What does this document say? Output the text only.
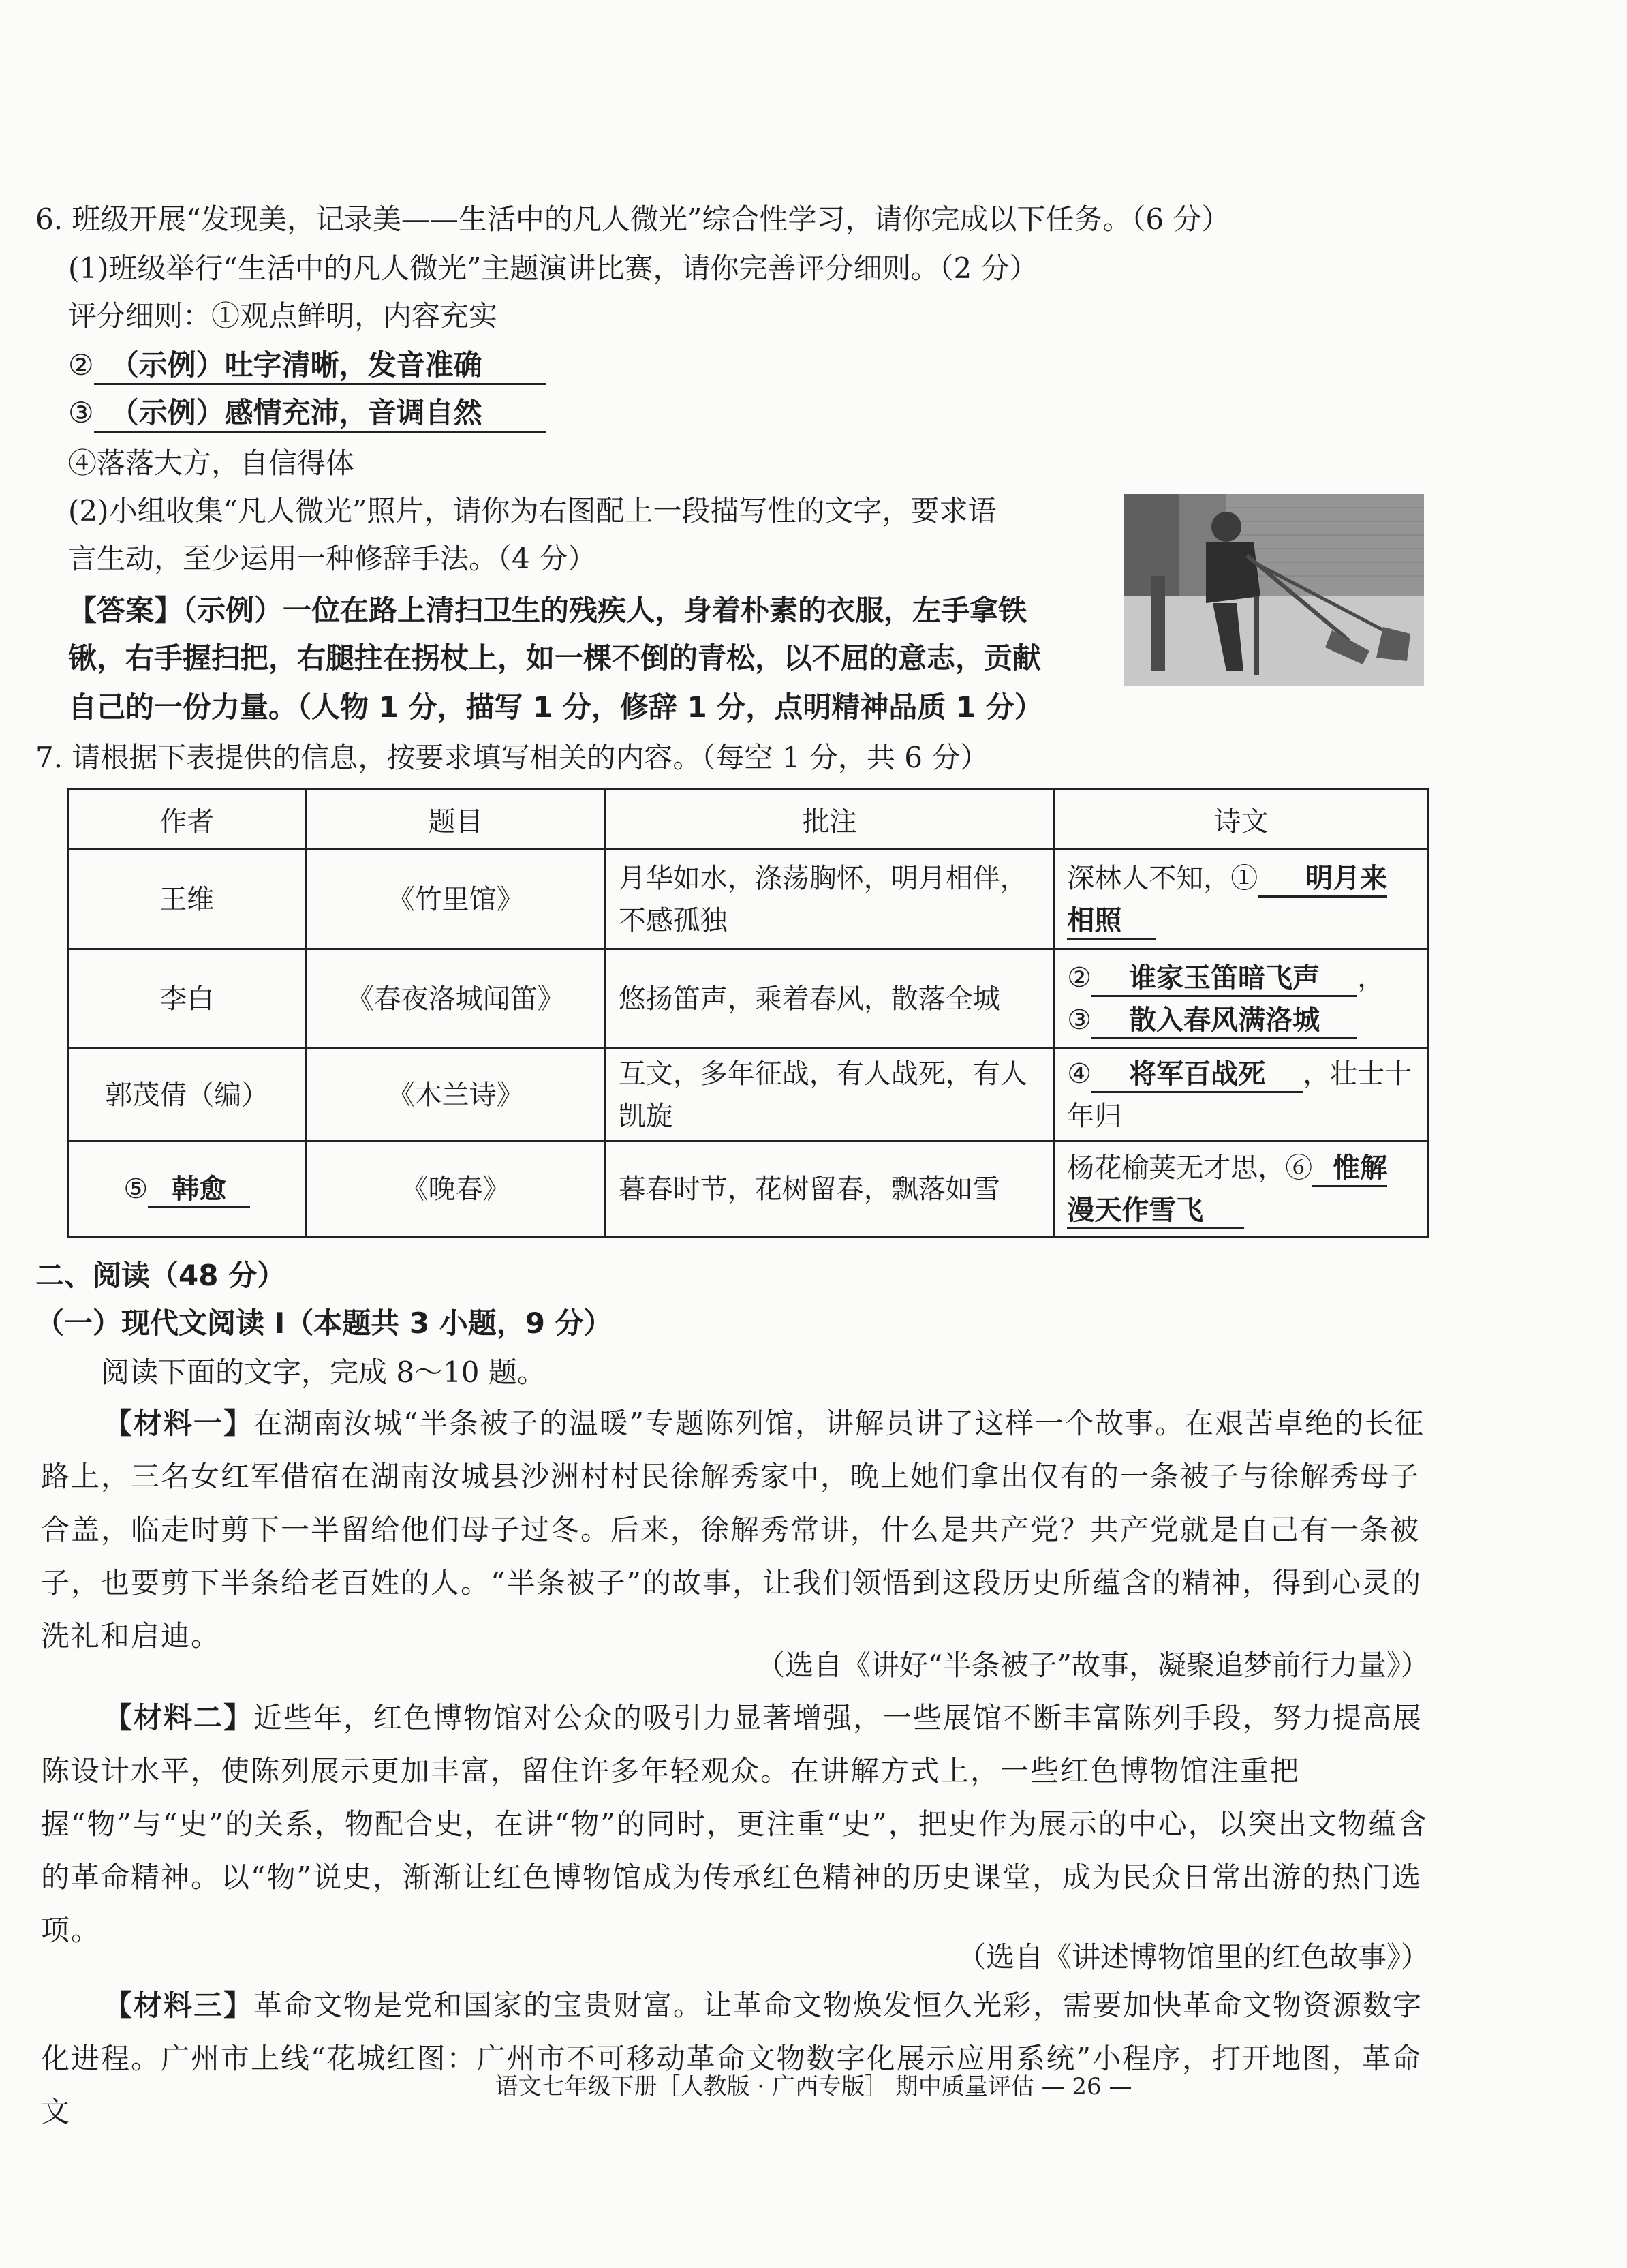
6. 班级开展“发现美，记录美——生活中的凡人微光”综合性学习，请你完成以下任务。（6 分）
(1)班级举行“生活中的凡人微光”主题演讲比赛，请你完善评分细则。（2 分）
评分细则：①观点鲜明，内容充实
② （示例）吐字清晰，发音准确
③ （示例）感情充沛，音调自然
④落落大方，自信得体
(2)小组收集“凡人微光”照片，请你为右图配上一段描写性的文字，要求语
言生动，至少运用一种修辞手法。（4 分）
【答案】（示例）一位在路上清扫卫生的残疾人，身着朴素的衣服，左手拿铁
锹，右手握扫把，右腿拄在拐杖上，如一棵不倒的青松，以不屈的意志，贡献
自己的一份力量。（人物 1 分，描写 1 分，修辞 1 分，点明精神品质 1 分）
7. 请根据下表提供的信息，按要求填写相关的内容。（每空 1 分，共 6 分）
作者	题目	批注	诗文
王维	《竹里馆》	月华如水，涤荡胸怀，明月相伴，不感孤独	深林人不知，① 明月来
相照
李白	《春夜洛城闻笛》	悠扬笛声，乘着春风，散落全城	② 谁家玉笛暗飞声 ，
③ 散入春风满洛城
郭茂倩（编）	《木兰诗》	互文，多年征战，有人战死，有人凯旋	④ 将军百战死 ，壮士十
年归
⑤ 韩愈	《晚春》	暮春时节，花树留春，飘落如雪	杨花榆荚无才思，⑥ 惟解
漫天作雪飞
二、阅读（48 分）
（一）现代文阅读 Ⅰ（本题共 3 小题，9 分）
阅读下面的文字，完成 8～10 题。
【材料一】在湖南汝城“半条被子的温暖”专题陈列馆，讲解员讲了这样一个故事。在艰苦卓绝的长征路上，三名女红军借宿在湖南汝城县沙洲村村民徐解秀家中，晚上她们拿出仅有的一条被子与徐解秀母子合盖，临走时剪下一半留给他们母子过冬。后来，徐解秀常讲，什么是共产党？共产党就是自己有一条被子，也要剪下半条给老百姓的人。“半条被子”的故事，让我们领悟到这段历史所蕴含的精神，得到心灵的洗礼和启迪。
（选自《讲好“半条被子”故事，凝聚追梦前行力量》）
【材料二】近些年，红色博物馆对公众的吸引力显著增强，一些展馆不断丰富陈列手段，努力提高展陈设计水平，使陈列展示更加丰富，留住许多年轻观众。在讲解方式上，一些红色博物馆注重把握“物”与“史”的关系，物配合史，在讲“物”的同时，更注重“史”，把史作为展示的中心，以突出文物蕴含的革命精神。以“物”说史，渐渐让红色博物馆成为传承红色精神的历史课堂，成为民众日常出游的热门选项。
（选自《讲述博物馆里的红色故事》）
【材料三】革命文物是党和国家的宝贵财富。让革命文物焕发恒久光彩，需要加快革命文物资源数字化进程。广州市上线“花城红图：广州市不可移动革命文物数字化展示应用系统”小程序，打开地图，革命文
语文七年级下册［人教版 · 广西专版］ 期中质量评估 — 26 —
